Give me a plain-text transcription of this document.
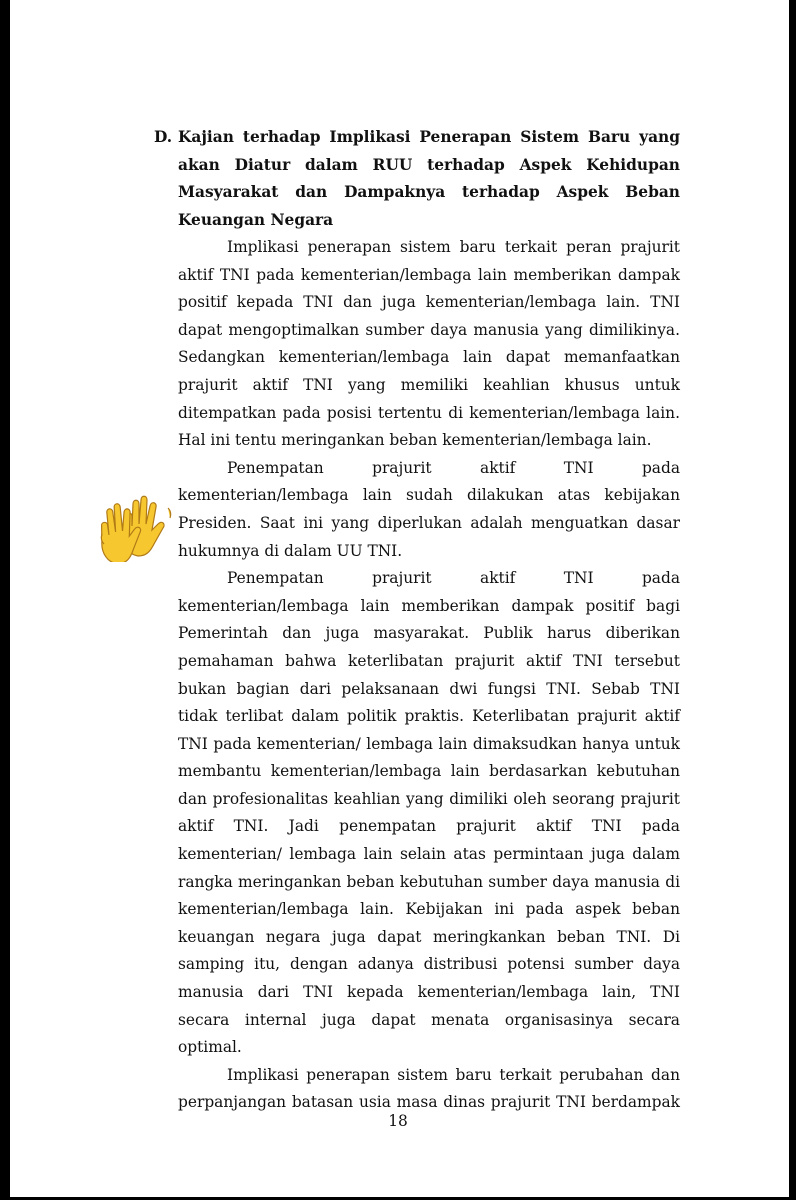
D. Kajian terhadap Implikasi Penerapan Sistem Baru yang akan Diatur dalam RUU terhadap Aspek Kehidupan Masyarakat dan Dampaknya terhadap Aspek Beban Keuangan Negara

Implikasi penerapan sistem baru terkait peran prajurit aktif TNI pada kementerian/lembaga lain memberikan dampak positif kepada TNI dan juga kementerian/lembaga lain. TNI dapat mengoptimalkan sumber daya manusia yang dimilikinya. Sedangkan kementerian/lembaga lain dapat memanfaatkan prajurit aktif TNI yang memiliki keahlian khusus untuk ditempatkan pada posisi tertentu di kementerian/lembaga lain. Hal ini tentu meringankan beban kementerian/lembaga lain.

Penempatan prajurit aktif TNI pada kementerian/lembaga lain sudah dilakukan atas kebijakan Presiden. Saat ini yang diperlukan adalah menguatkan dasar hukumnya di dalam UU TNI.

Penempatan prajurit aktif TNI pada kementerian/lembaga lain memberikan dampak positif bagi Pemerintah dan juga masyarakat. Publik harus diberikan pemahaman bahwa keterlibatan prajurit aktif TNI tersebut bukan bagian dari pelaksanaan dwi fungsi TNI. Sebab TNI tidak terlibat dalam politik praktis. Keterlibatan prajurit aktif TNI pada kementerian/ lembaga lain dimaksudkan hanya untuk membantu kementerian/lembaga lain berdasarkan kebutuhan dan profesionalitas keahlian yang dimiliki oleh seorang prajurit aktif TNI. Jadi penempatan prajurit aktif TNI pada kementerian/ lembaga lain selain atas permintaan juga dalam rangka meringankan beban kebutuhan sumber daya manusia di kementerian/lembaga lain. Kebijakan ini pada aspek beban keuangan negara juga dapat meringkankan beban TNI. Di samping itu, dengan adanya distribusi potensi sumber daya manusia dari TNI kepada kementerian/lembaga lain, TNI secara internal juga dapat menata organisasinya secara optimal.

Implikasi penerapan sistem baru terkait perubahan dan perpanjangan batasan usia masa dinas prajurit TNI berdampak

18
